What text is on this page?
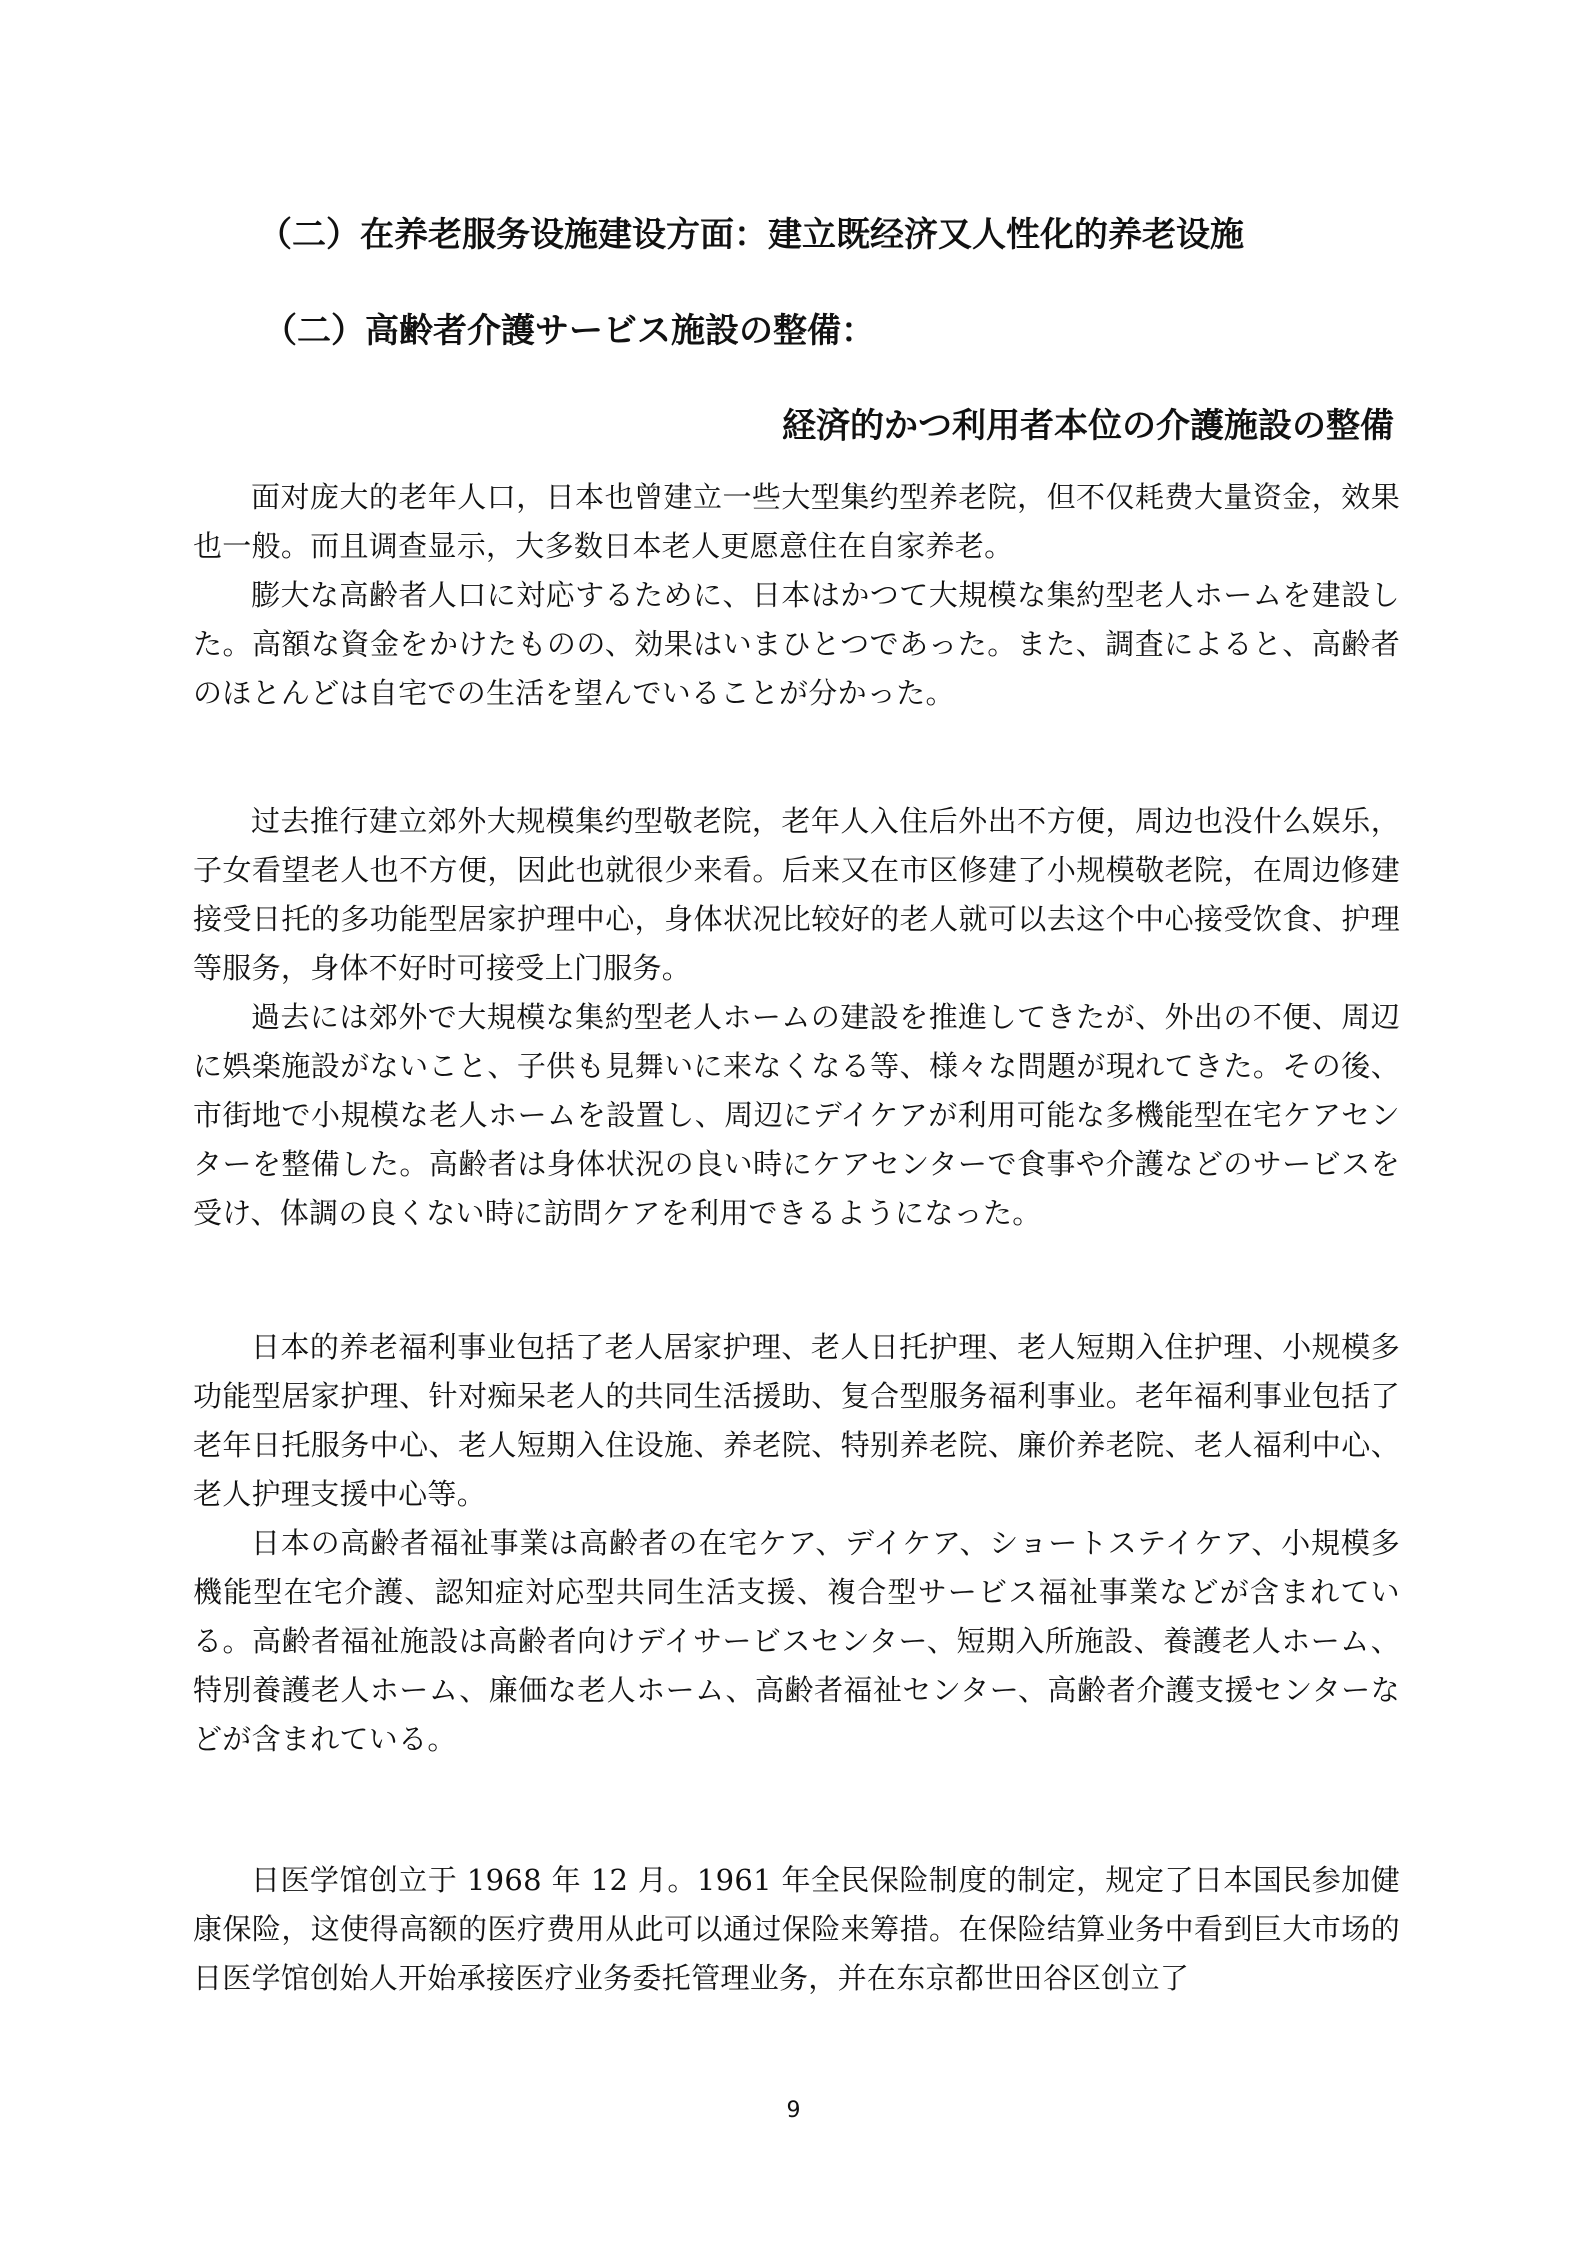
（二）在养老服务设施建设方面：建立既经济又人性化的养老设施
（二）高齢者介護サービス施設の整備：
経済的かつ利用者本位の介護施設の整備

面对庞大的老年人口，日本也曾建立一些大型集约型养老院，但不仅耗费大量资金，效果也一般。而且调查显示，大多数日本老人更愿意住在自家养老。

膨大な高齢者人口に対応するために、日本はかつて大規模な集約型老人ホームを建設した。高額な資金をかけたものの、効果はいまひとつであった。また、調査によると、高齢者のほとんどは自宅での生活を望んでいることが分かった。

过去推行建立郊外大规模集约型敬老院，老年人入住后外出不方便，周边也没什么娱乐，子女看望老人也不方便，因此也就很少来看。后来又在市区修建了小规模敬老院，在周边修建接受日托的多功能型居家护理中心，身体状况比较好的老人就可以去这个中心接受饮食、护理等服务，身体不好时可接受上门服务。

過去には郊外で大規模な集約型老人ホームの建設を推進してきたが、外出の不便、周辺に娯楽施設がないこと、子供も見舞いに来なくなる等、様々な問題が現れてきた。その後、市街地で小規模な老人ホームを設置し、周辺にデイケアが利用可能な多機能型在宅ケアセンターを整備した。高齢者は身体状況の良い時にケアセンターで食事や介護などのサービスを受け、体調の良くない時に訪問ケアを利用できるようになった。

日本的养老福利事业包括了老人居家护理、老人日托护理、老人短期入住护理、小规模多功能型居家护理、针对痴呆老人的共同生活援助、复合型服务福利事业。老年福利事业包括了老年日托服务中心、老人短期入住设施、养老院、特别养老院、廉价养老院、老人福利中心、老人护理支援中心等。

日本の高齢者福祉事業は高齢者の在宅ケア、デイケア、ショートステイケア、小規模多機能型在宅介護、認知症対応型共同生活支援、複合型サービス福祉事業などが含まれている。高齢者福祉施設は高齢者向けデイサービスセンター、短期入所施設、養護老人ホーム、特別養護老人ホーム、廉価な老人ホーム、高齢者福祉センター、高齢者介護支援センターなどが含まれている。

日医学馆创立于 1968 年 12 月。1961 年全民保险制度的制定，规定了日本国民参加健康保险，这使得高额的医疗费用从此可以通过保险来筹措。在保险结算业务中看到巨大市场的日医学馆创始人开始承接医疗业务委托管理业务，并在东京都世田谷区创立了

9
